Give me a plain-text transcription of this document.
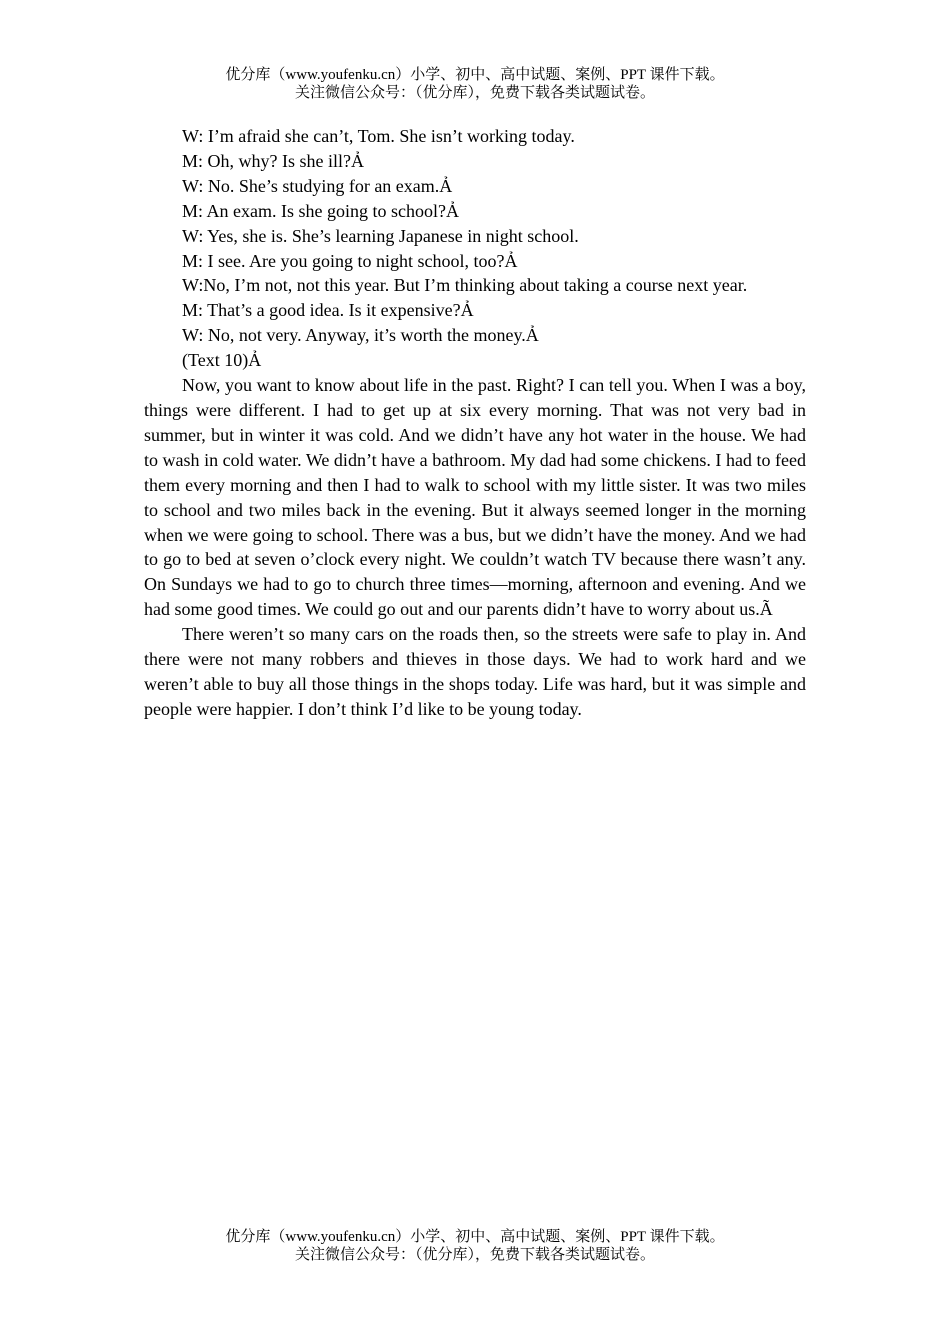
优分库（www.youfenku.cn）小学、初中、高中试题、案例、PPT 课件下载。
关注微信公众号：（优分库），免费下载各类试题试卷。
W: I’m afraid she can’t, Tom. She isn’t working today.
M: Oh, why? Is she ill?Ả
W: No. She’s studying for an exam.Ả
M: An exam. Is she going to school?Ả
W: Yes, she is. She’s learning Japanese in night school.
M: I see. Are you going to night school, too?Ả
W:No, I’m not, not this year. But I’m thinking about taking a course next year.
M: That’s a good idea. Is it expensive?Ả
W: No, not very. Anyway, it’s worth the money.Ả
(Text 10)Ả

Now, you want to know about life in the past. Right? I can tell you. When I was a boy, things were different. I had to get up at six every morning. That was not very bad in summer, but in winter it was cold. And we didn’t have any hot water in the house. We had to wash in cold water. We didn’t have a bathroom. My dad had some chickens. I had to feed them every morning and then I had to walk to school with my little sister. It was two miles to school and two miles back in the evening. But it always seemed longer in the morning when we were going to school. There was a bus, but we didn’t have the money. And we had to go to bed at seven o’clock every night. We couldn’t watch TV because there wasn’t any. On Sundays we had to go to church three times—morning, afternoon and evening. And we had some good times. We could go out and our parents didn’t have to worry about us.Ã

There weren’t so many cars on the roads then, so the streets were safe to play in. And there were not many robbers and thieves in those days. We had to work hard and we weren’t able to buy all those things in the shops today. Life was hard, but it was simple and people were happier. I don’t think I’d like to be young today.

优分库（www.youfenku.cn）小学、初中、高中试题、案例、PPT 课件下载。
关注微信公众号：（优分库），免费下载各类试题试卷。
